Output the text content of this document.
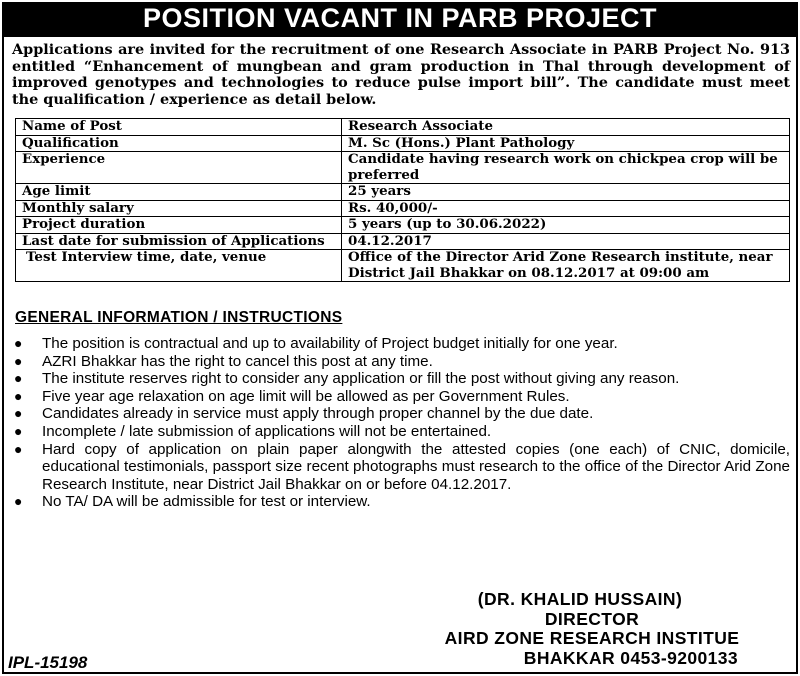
POSITION VACANT IN PARB PROJECT

Applications are invited for the recruitment of one Research Associate in PARB Project No. 913 entitled “Enhancement of mungbean and gram production in Thal through development of improved genotypes and technologies to reduce pulse import bill”. The candidate must meet the qualification / experience as detail below.

Name of Post	Research Associate
Qualification	M. Sc (Hons.) Plant Pathology
Experience	Candidate having research work on chickpea crop will be preferred
Age limit	25 years
Monthly salary	Rs. 40,000/-
Project duration	5 years (up to 30.06.2022)
Last date for submission of Applications	04.12.2017
Test Interview time, date, venue	Office of the Director Arid Zone Research institute, near District Jail Bhakkar on 08.12.2017 at 09:00 am
GENERAL INFORMATION / INSTRUCTIONS
● The position is contractual and up to availability of Project budget initially for one year.
● AZRI Bhakkar has the right to cancel this post at any time.
● The institute reserves right to consider any application or fill the post without giving any reason.
● Five year age relaxation on age limit will be allowed as per Government Rules.
● Candidates already in service must apply through proper channel by the due date.
● Incomplete / late submission of applications will not be entertained.
● Hard copy of application on plain paper alongwith the attested copies (one each) of CNIC, domicile, educational testimonials, passport size recent photographs must research to the office of the Director Arid Zone Research Institute, near District Jail Bhakkar on or before 04.12.2017.
● No TA/ DA will be admissible for test or interview.
(DR. KHALID HUSSAIN)
DIRECTOR
AIRD ZONE RESEARCH INSTITUE
BHAKKAR 0453-9200133
IPL-15198
